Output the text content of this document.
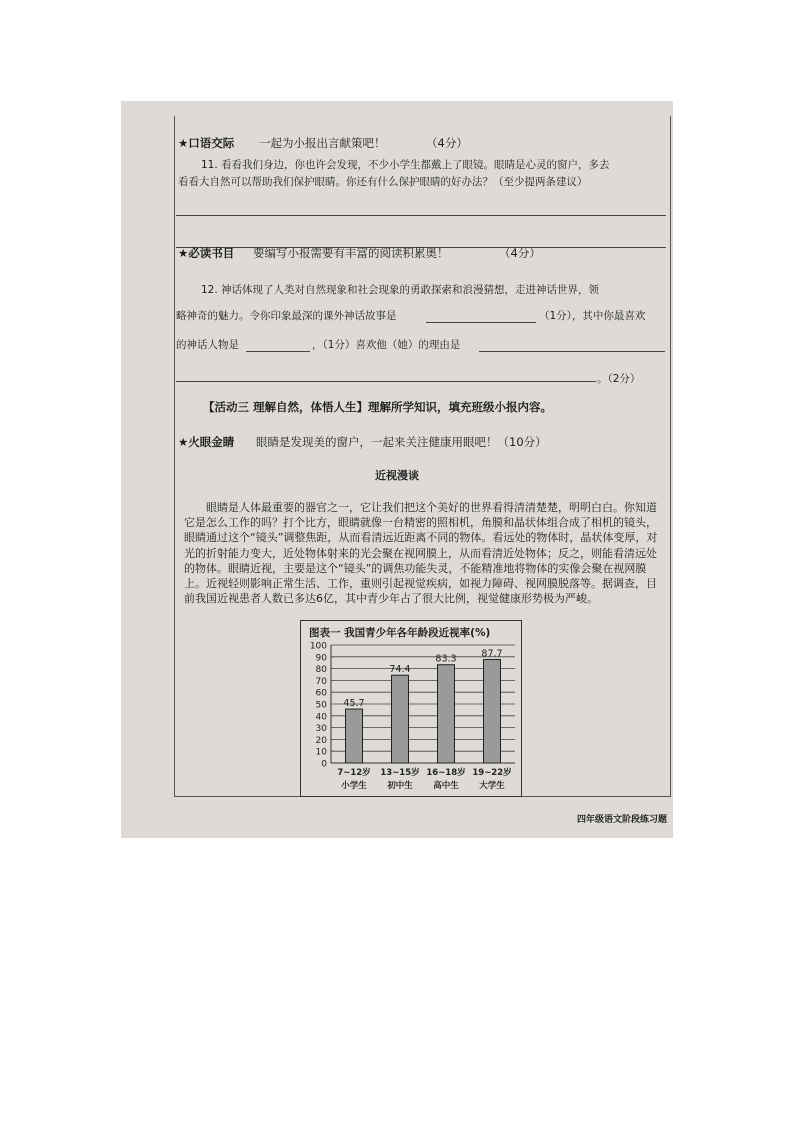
★口语交际 一起为小报出言献策吧！	（4分）
11. 看看我们身边，你也许会发现，不少小学生都戴上了眼镜。眼睛是心灵的窗户，多去
看看大自然可以帮助我们保护眼睛。你还有什么保护眼睛的好办法？（至少提两条建议）
★必读书目 要编写小报需要有丰富的阅读积累奥！	（4分）
12. 神话体现了人类对自然现象和社会现象的勇敢探索和浪漫猜想，走进神话世界，领
略神奇的魅力。令你印象最深的课外神话故事是	（1分），其中你最喜欢
的神话人物是	，（1分）喜欢他（她）的理由是
。（2分）
【活动三 理解自然，体悟人生】理解所学知识，填充班级小报内容。
★火眼金睛 眼睛是发现美的窗户，一起来关注健康用眼吧！（10分）
近视漫谈
眼睛是人体最重要的器官之一，它让我们把这个美好的世界看得清清楚楚，明明白白。你知道它是怎么工作的吗？打个比方，眼睛就像一台精密的照相机，角膜和晶状体组合成了相机的镜头，眼睛通过这个“镜头”调整焦距，从而看清远近距离不同的物体。看远处的物体时，晶状体变厚，对光的折射能力变大，近处物体射来的光会聚在视网膜上，从而看清近处物体；反之，则能看清远处的物体。眼睛近视，主要是这个“镜头”的调焦功能失灵，不能精准地将物体的实像会聚在视网膜上。近视轻则影响正常生活、工作，重则引起视觉疾病，如视力障碍、视网膜脱落等。据调查，目前我国近视患者人数已多达6亿，其中青少年占了很大比例，视觉健康形势极为严峻。
图表一 我国青少年各年龄段近视率(%)
0
10
20
30
40
50
60
70
80
90
100
45.7
7~12岁
小学生
74.4
13~15岁
初中生
83.3
16~18岁
高中生
87.7
19~22岁
大学生
四年级语文阶段练习题
